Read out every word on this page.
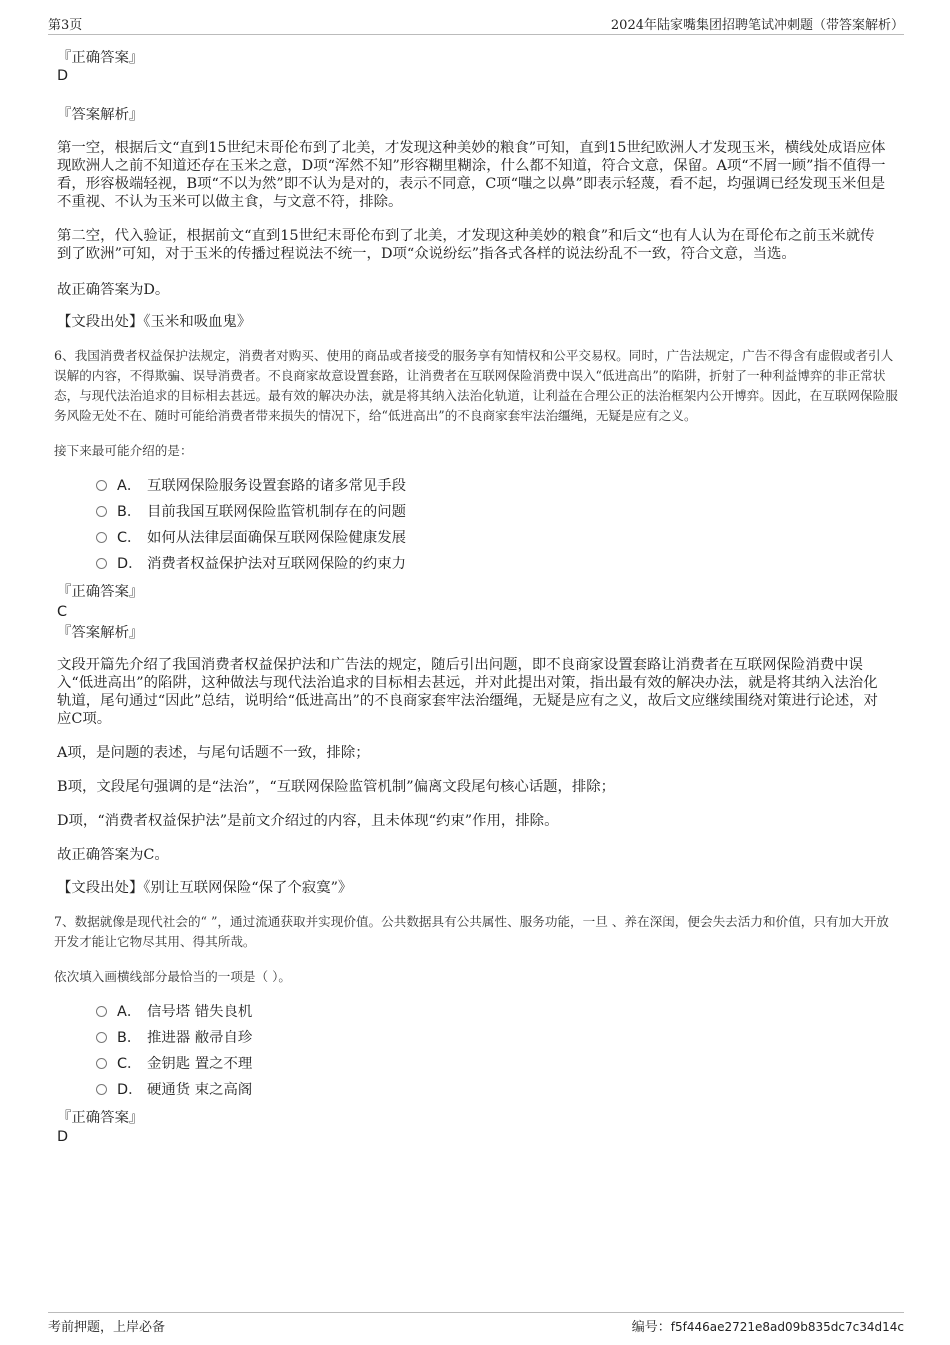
第3页	2024年陆家嘴集团招聘笔试冲刺题（带答案解析）
『正确答案』
D
『答案解析』

第一空，根据后文“直到15世纪末哥伦布到了北美，才发现这种美妙的粮食”可知，直到15世纪欧洲人才发现玉米，横线处成语应体现欧洲人之前不知道还存在玉米之意，D项“浑然不知”形容糊里糊涂，什么都不知道，符合文意，保留。A项“不屑一顾”指不值得一看，形容极端轻视，B项“不以为然”即不认为是对的，表示不同意，C项“嗤之以鼻”即表示轻蔑，看不起，均强调已经发现玉米但是不重视、不认为玉米可以做主食，与文意不符，排除。

第二空，代入验证，根据前文“直到15世纪末哥伦布到了北美，才发现这种美妙的粮食”和后文“也有人认为在哥伦布之前玉米就传到了欧洲”可知，对于玉米的传播过程说法不统一，D项“众说纷纭”指各式各样的说法纷乱不一致，符合文意，当选。

故正确答案为D。
【文段出处】《玉米和吸血鬼》

6、我国消费者权益保护法规定，消费者对购买、使用的商品或者接受的服务享有知情权和公平交易权。同时，广告法规定，广告不得含有虚假或者引人误解的内容，不得欺骗、误导消费者。不良商家故意设置套路，让消费者在互联网保险消费中误入“低进高出”的陷阱，折射了一种利益博弈的非正常状态，与现代法治追求的目标相去甚远。最有效的解决办法，就是将其纳入法治化轨道，让利益在合理公正的法治框架内公开博弈。因此，在互联网保险服务风险无处不在、随时可能给消费者带来损失的情况下，给“低进高出”的不良商家套牢法治缰绳，无疑是应有之义。

接下来最可能介绍的是：
A． 互联网保险服务设置套路的诸多常见手段
B． 目前我国互联网保险监管机制存在的问题
C． 如何从法律层面确保互联网保险健康发展
D． 消费者权益保护法对互联网保险的约束力
『正确答案』
C
『答案解析』

文段开篇先介绍了我国消费者权益保护法和广告法的规定，随后引出问题，即不良商家设置套路让消费者在互联网保险消费中误入“低进高出”的陷阱，这种做法与现代法治追求的目标相去甚远，并对此提出对策，指出最有效的解决办法，就是将其纳入法治化轨道，尾句通过“因此”总结，说明给“低进高出”的不良商家套牢法治缰绳，无疑是应有之义，故后文应继续围绕对策进行论述，对应C项。

A项，是问题的表述，与尾句话题不一致，排除；
B项，文段尾句强调的是“法治”，“互联网保险监管机制”偏离文段尾句核心话题，排除；
D项，“消费者权益保护法”是前文介绍过的内容，且未体现“约束”作用，排除。
故正确答案为C。
【文段出处】《别让互联网保险“保了个寂寞”》

7、数据就像是现代社会的“ ”，通过流通获取并实现价值。公共数据具有公共属性、服务功能，一旦 、养在深闺，便会失去活力和价值，只有加大开放开发才能让它物尽其用、得其所哉。

依次填入画横线部分最恰当的一项是（ ）。
A． 信号塔 错失良机
B． 推进器 敝帚自珍
C． 金钥匙 置之不理
D． 硬通货 束之高阁
『正确答案』
D
考前押题，上岸必备	编号：f5f446ae2721e8ad09b835dc7c34d14c
